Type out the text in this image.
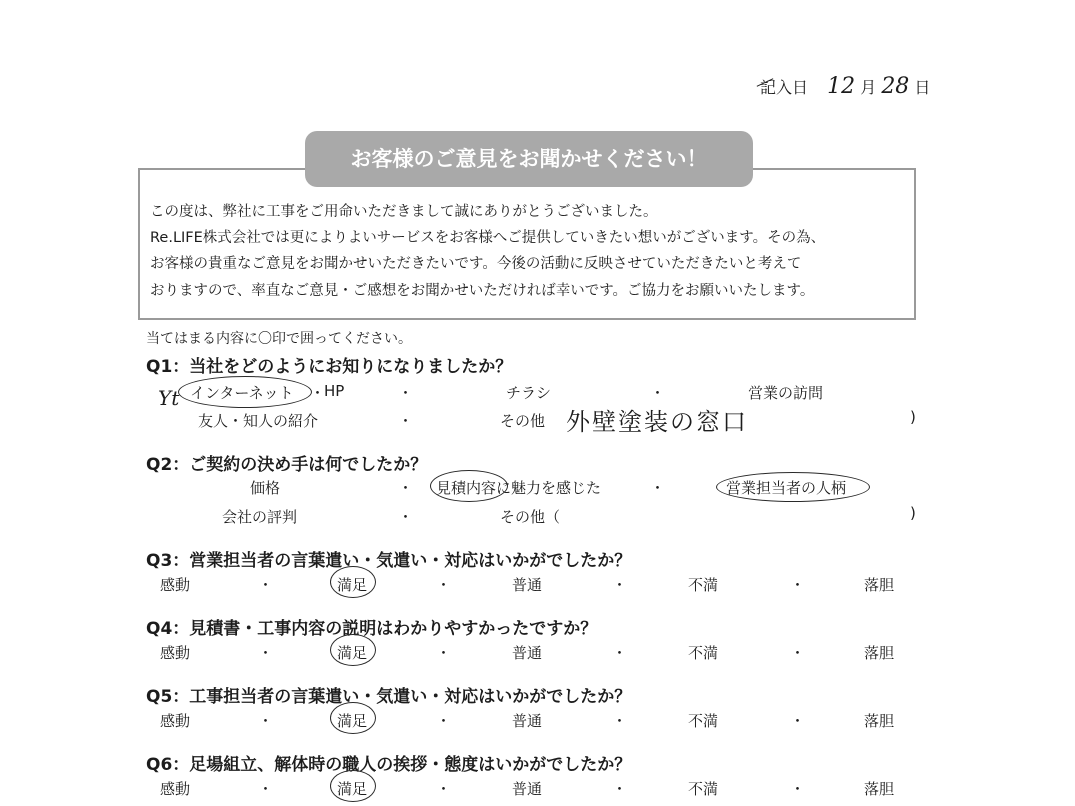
記入日 12 月 28 日
お客様のご意見をお聞かせください！
この度は、弊社に工事をご用命いただきまして誠にありがとうございました。
Re.LIFE株式会社では更によりよいサービスをお客様へご提供していきたい想いがございます。その為、
お客様の貴重なご意見をお聞かせいただきたいです。今後の活動に反映させていただきたいと考えて
おりますので、率直なご意見・ご感想をお聞かせいただければ幸いです。ご協力をお願いいたします。
当てはまる内容に〇印で囲ってください。
Q1：当社をどのようにお知りになりましたか？
Yt インターネット ・
HP	・	チラシ	・	営業の訪問
友人・知人の紹介	・	その他 外壁塗装の窓口	)
Q2：ご契約の決め手は何でしたか？
価格	・ 見積内容に魅力を感じた	・	営業担当者の人柄
会社の評判	・	その他（	)
Q3：営業担当者の言葉遣い・気遣い・対応はいかがでしたか？
感動	・	満足	・	普通	・	不満	・	落胆
Q4：見積書・工事内容の説明はわかりやすかったですか？
感動	・	満足	・	普通	・	不満	・	落胆
Q5：工事担当者の言葉遣い・気遣い・対応はいかがでしたか？
感動	・	満足	・	普通	・	不満	・	落胆
Q6：足場組立、解体時の職人の挨拶・態度はいかがでしたか？
感動	・	満足	・	普通	・	不満	・	落胆
